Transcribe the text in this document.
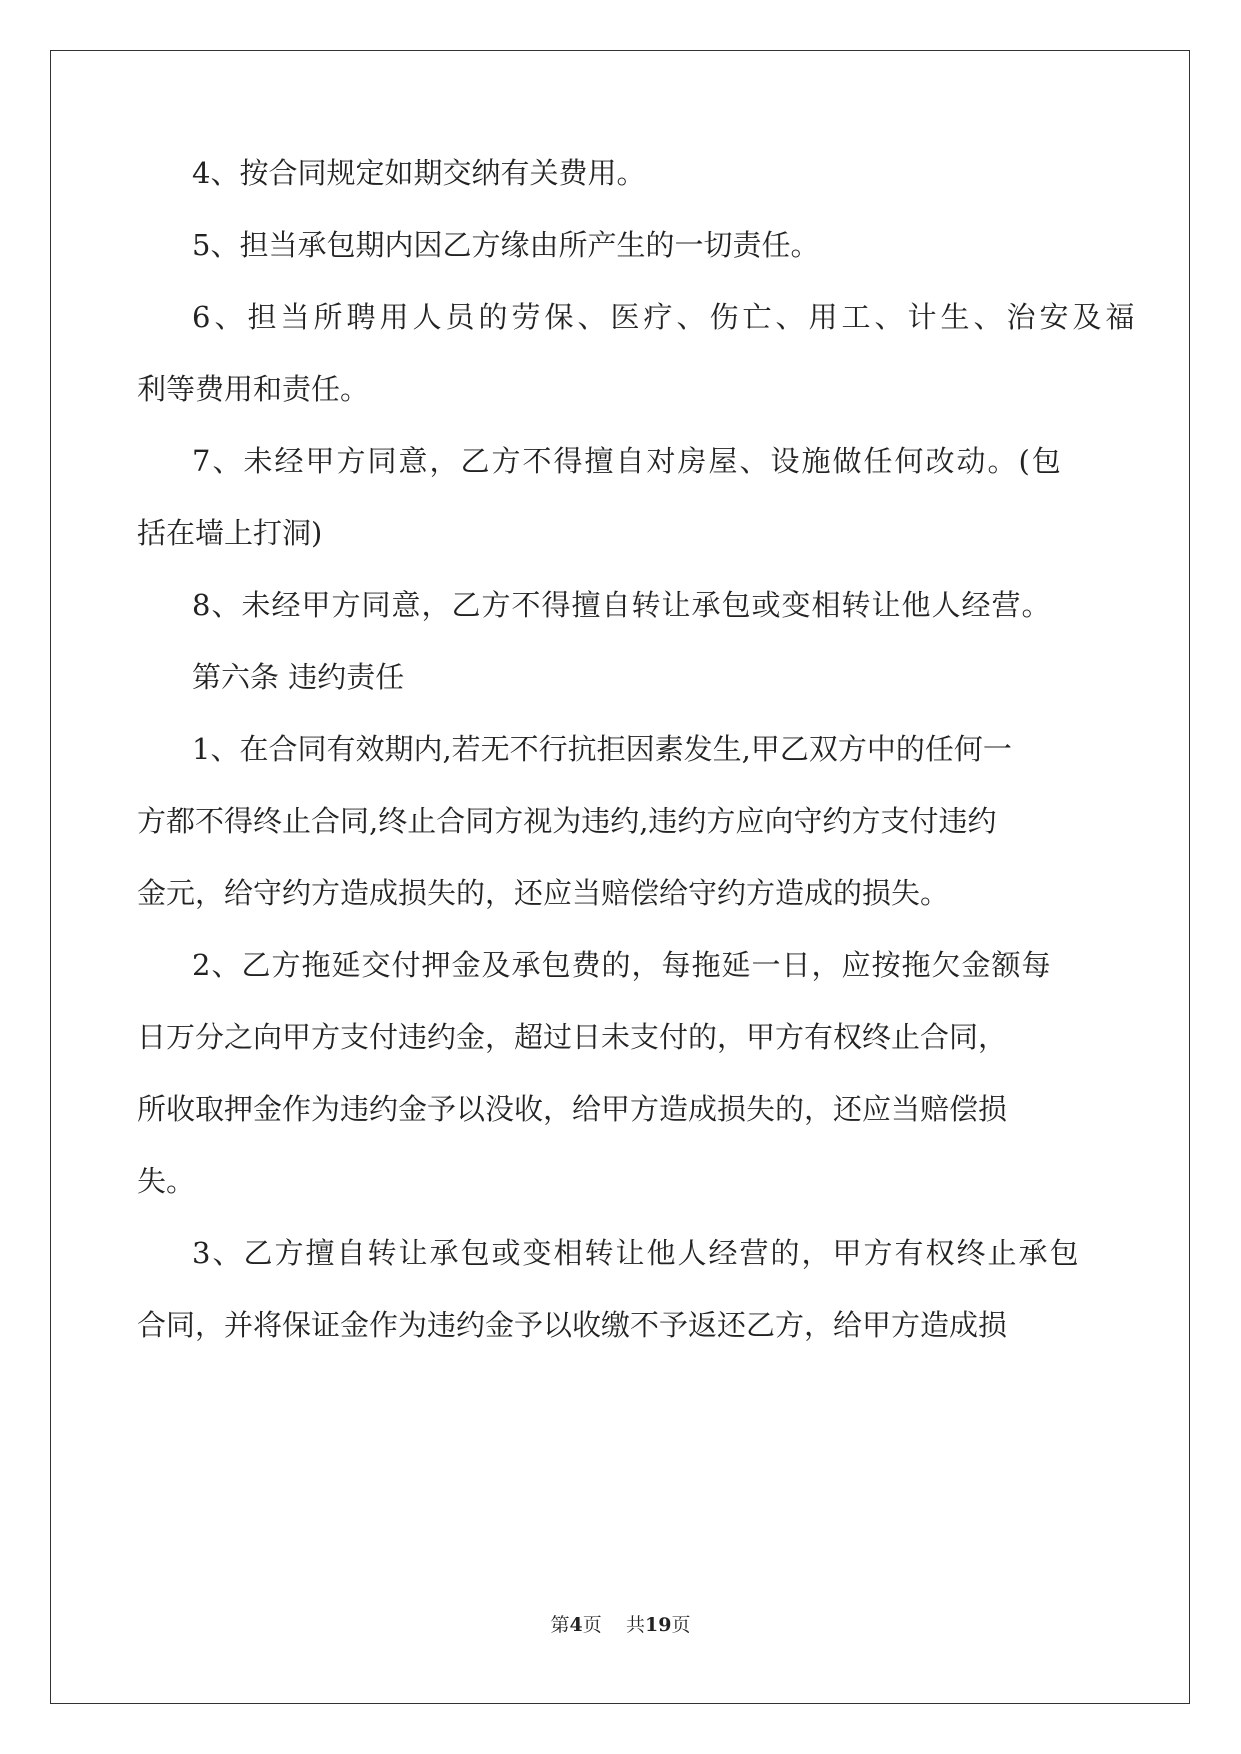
4、按合同规定如期交纳有关费用。
5、担当承包期内因乙方缘由所产生的一切责任。
6、担当所聘用人员的劳保、医疗、伤亡、用工、计生、治安及福
利等费用和责任。
7、未经甲方同意，乙方不得擅自对房屋、设施做任何改动。(包
括在墙上打洞)
8、未经甲方同意，乙方不得擅自转让承包或变相转让他人经营。
第六条 违约责任
1、在合同有效期内,若无不行抗拒因素发生,甲乙双方中的任何一
方都不得终止合同,终止合同方视为违约,违约方应向守约方支付违约
金元，给守约方造成损失的，还应当赔偿给守约方造成的损失。
2、乙方拖延交付押金及承包费的，每拖延一日，应按拖欠金额每
日万分之向甲方支付违约金，超过日未支付的，甲方有权终止合同，
所收取押金作为违约金予以没收，给甲方造成损失的，还应当赔偿损
失。
3、乙方擅自转让承包或变相转让他人经营的，甲方有权终止承包
合同，并将保证金作为违约金予以收缴不予返还乙方，给甲方造成损
第4页 共19页
